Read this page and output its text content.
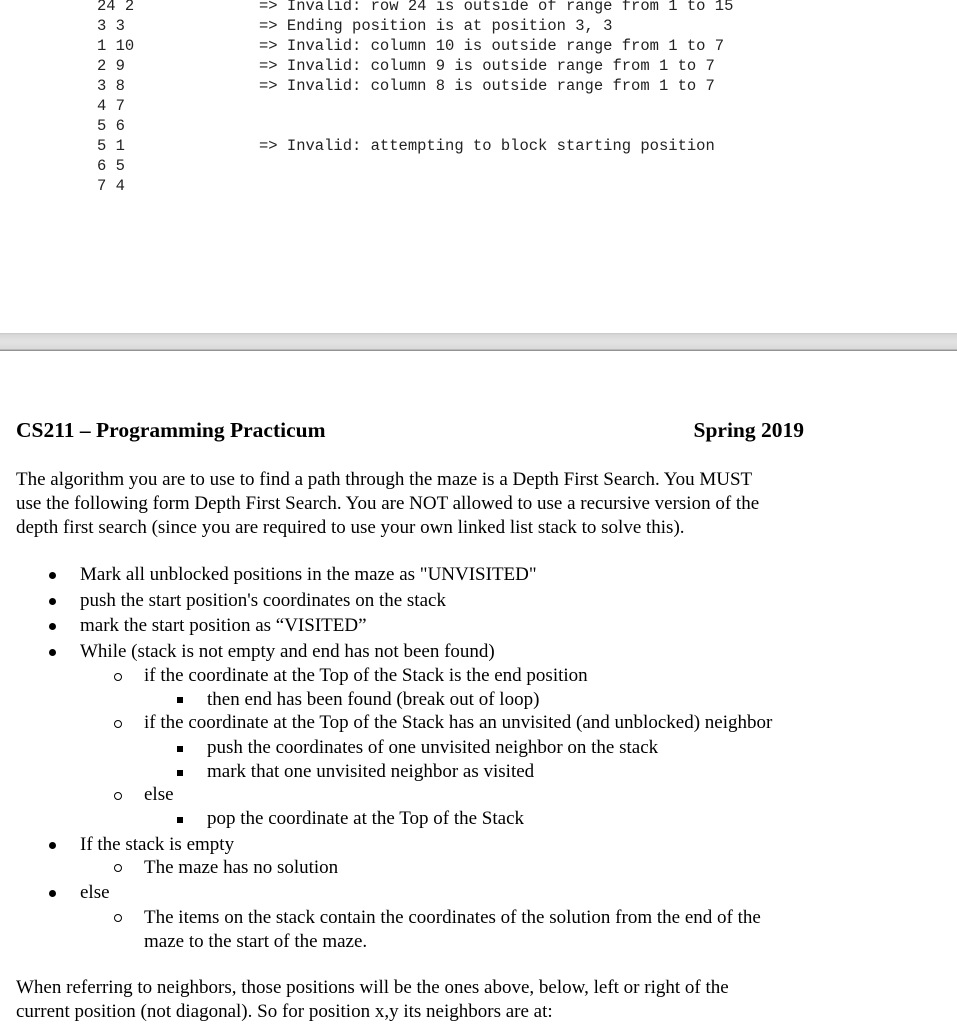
24 2

3 3

1 10

2 9

3 8

4 7

5 6

5 1

6 5

7 4

=> Invalid: row 24 is outside of range from 1 to 15

=> Ending position is at position 3, 3

=> Invalid: column 10 is outside range from 1 to 7

=> Invalid: column 9 is outside range from 1 to 7

=> Invalid: column 8 is outside range from 1 to 7

=> Invalid: attempting to block starting position

CS211 – Programming Practicum	Spring 2019
The algorithm you are to use to find a path through the maze is a Depth First Search. You MUST
use the following form Depth First Search. You are NOT allowed to use a recursive version of the
depth first search (since you are required to use your own linked list stack to solve this).
Mark all unblocked positions in the maze as "UNVISITED"
push the start position's coordinates on the stack
mark the start position as “VISITED”
While (stack is not empty and end has not been found)
if the coordinate at the Top of the Stack is the end position
then end has been found (break out of loop)
if the coordinate at the Top of the Stack has an unvisited (and unblocked) neighbor
push the coordinates of one unvisited neighbor on the stack
mark that one unvisited neighbor as visited
else
pop the coordinate at the Top of the Stack
If the stack is empty
The maze has no solution
else
The items on the stack contain the coordinates of the solution from the end of the
maze to the start of the maze.
When referring to neighbors, those positions will be the ones above, below, left or right of the
current position (not diagonal). So for position x,y its neighbors are at:
